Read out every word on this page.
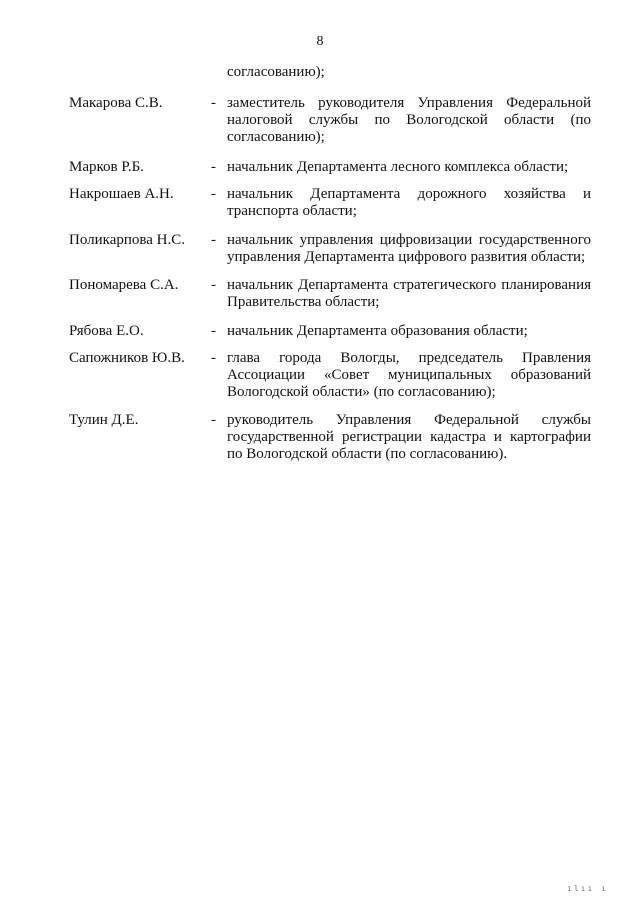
8
согласованию);
Макарова С.В.	- заместитель руководителя Управления Федеральной налоговой службы по Вологодской области (по согласованию);
Марков Р.Б.	- начальник Департамента лесного комплекса области;
Накрошаев А.Н. - начальник Департамента дорожного хозяйства и транспорта области;
Поликарпова Н.С. - начальник управления цифровизации государственного управления Департамента цифрового развития области;
Пономарева С.А. - начальник Департамента стратегического планирования Правительства области;
Рябова Е.О.	- начальник Департамента образования области;
Сапожников Ю.В. - глава города Вологды, председатель Правления Ассоциации «Совет муниципальных образований Вологодской области» (по согласованию);
Тулин Д.Е.	- руководитель Управления Федеральной службы государственной регистрации кадастра и картографии по Вологодской области (по согласованию).
ılıı ı
